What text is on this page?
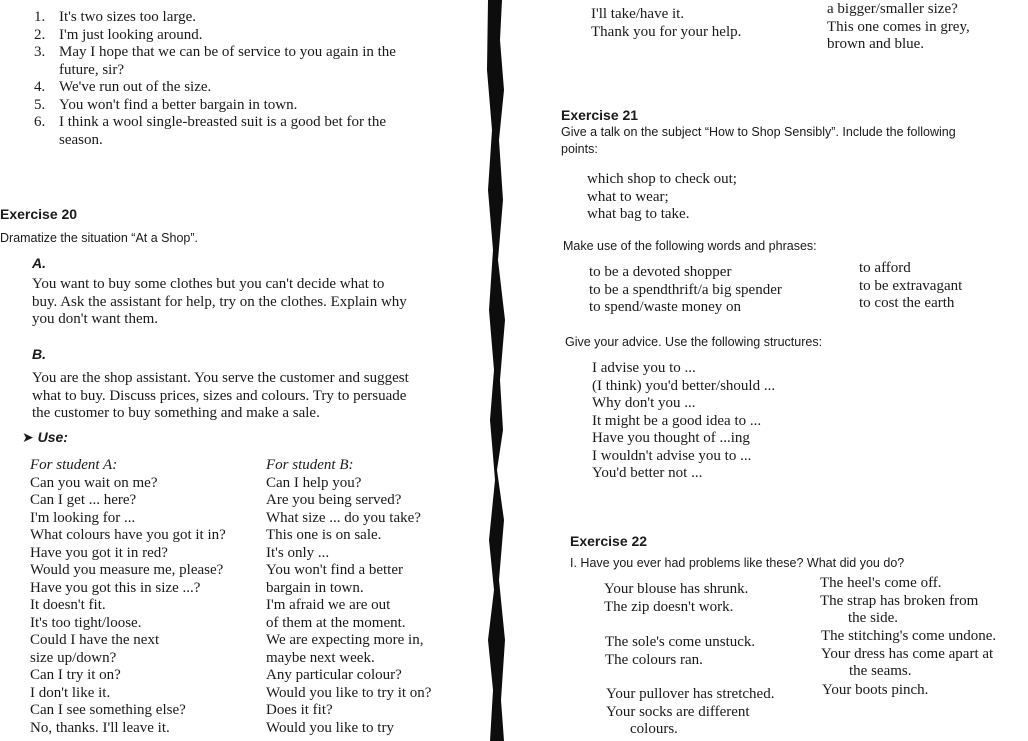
1. It's two sizes too large.
2. I'm just looking around.
3. May I hope that we can be of service to you again in the
future, sir?
4. We've run out of the size.
5. You won't find a better bargain in town.
6. I think a wool single-breasted suit is a good bet for the
season.
Exercise 20
Dramatize the situation “At a Shop”.
A.
You want to buy some clothes but you can't decide what to
buy. Ask the assistant for help, try on the clothes. Explain why
you don't want them.
B.
You are the shop assistant. You serve the customer and suggest
what to buy. Discuss prices, sizes and colours. Try to persuade
the customer to buy something and make a sale.
➤ Use:
For student A:
Can you wait on me?
Can I get ... here?
I'm looking for ...
What colours have you got it in?
Have you got it in red?
Would you measure me, please?
Have you got this in size ...?
It doesn't fit.
It's too tight/loose.
Could I have the next
size up/down?
Can I try it on?
I don't like it.
Can I see something else?
No, thanks. I'll leave it.
For student B:
Can I help you?
Are you being served?
What size ... do you take?
This one is on sale.
It's only ...
You won't find a better
bargain in town.
I'm afraid we are out
of them at the moment.
We are expecting more in,
maybe next week.
Any particular colour?
Would you like to try it on?
Does it fit?
Would you like to try
I'll take/have it.
Thank you for your help.
a bigger/smaller size?
This one comes in grey,
brown and blue.
Exercise 21
Give a talk on the subject “How to Shop Sensibly”. Include the following
points:
which shop to check out;
what to wear;
what bag to take.
Make use of the following words and phrases:
to be a devoted shopper
to be a spendthrift/a big spender
to spend/waste money on
to afford
to be extravagant
to cost the earth
Give your advice. Use the following structures:
I advise you to ...
(I think) you'd better/should ...
Why don't you ...
It might be a good idea to ...
Have you thought of ...ing
I wouldn't advise you to ...
You'd better not ...
Exercise 22
I. Have you ever had problems like these? What did you do?
Your blouse has shrunk.
The zip doesn't work.
The sole's come unstuck.
The colours ran.
Your pullover has stretched.
Your socks are different
colours.
The heel's come off.
The strap has broken from
the side.
The stitching's come undone.
Your dress has come apart at
the seams.
Your boots pinch.
